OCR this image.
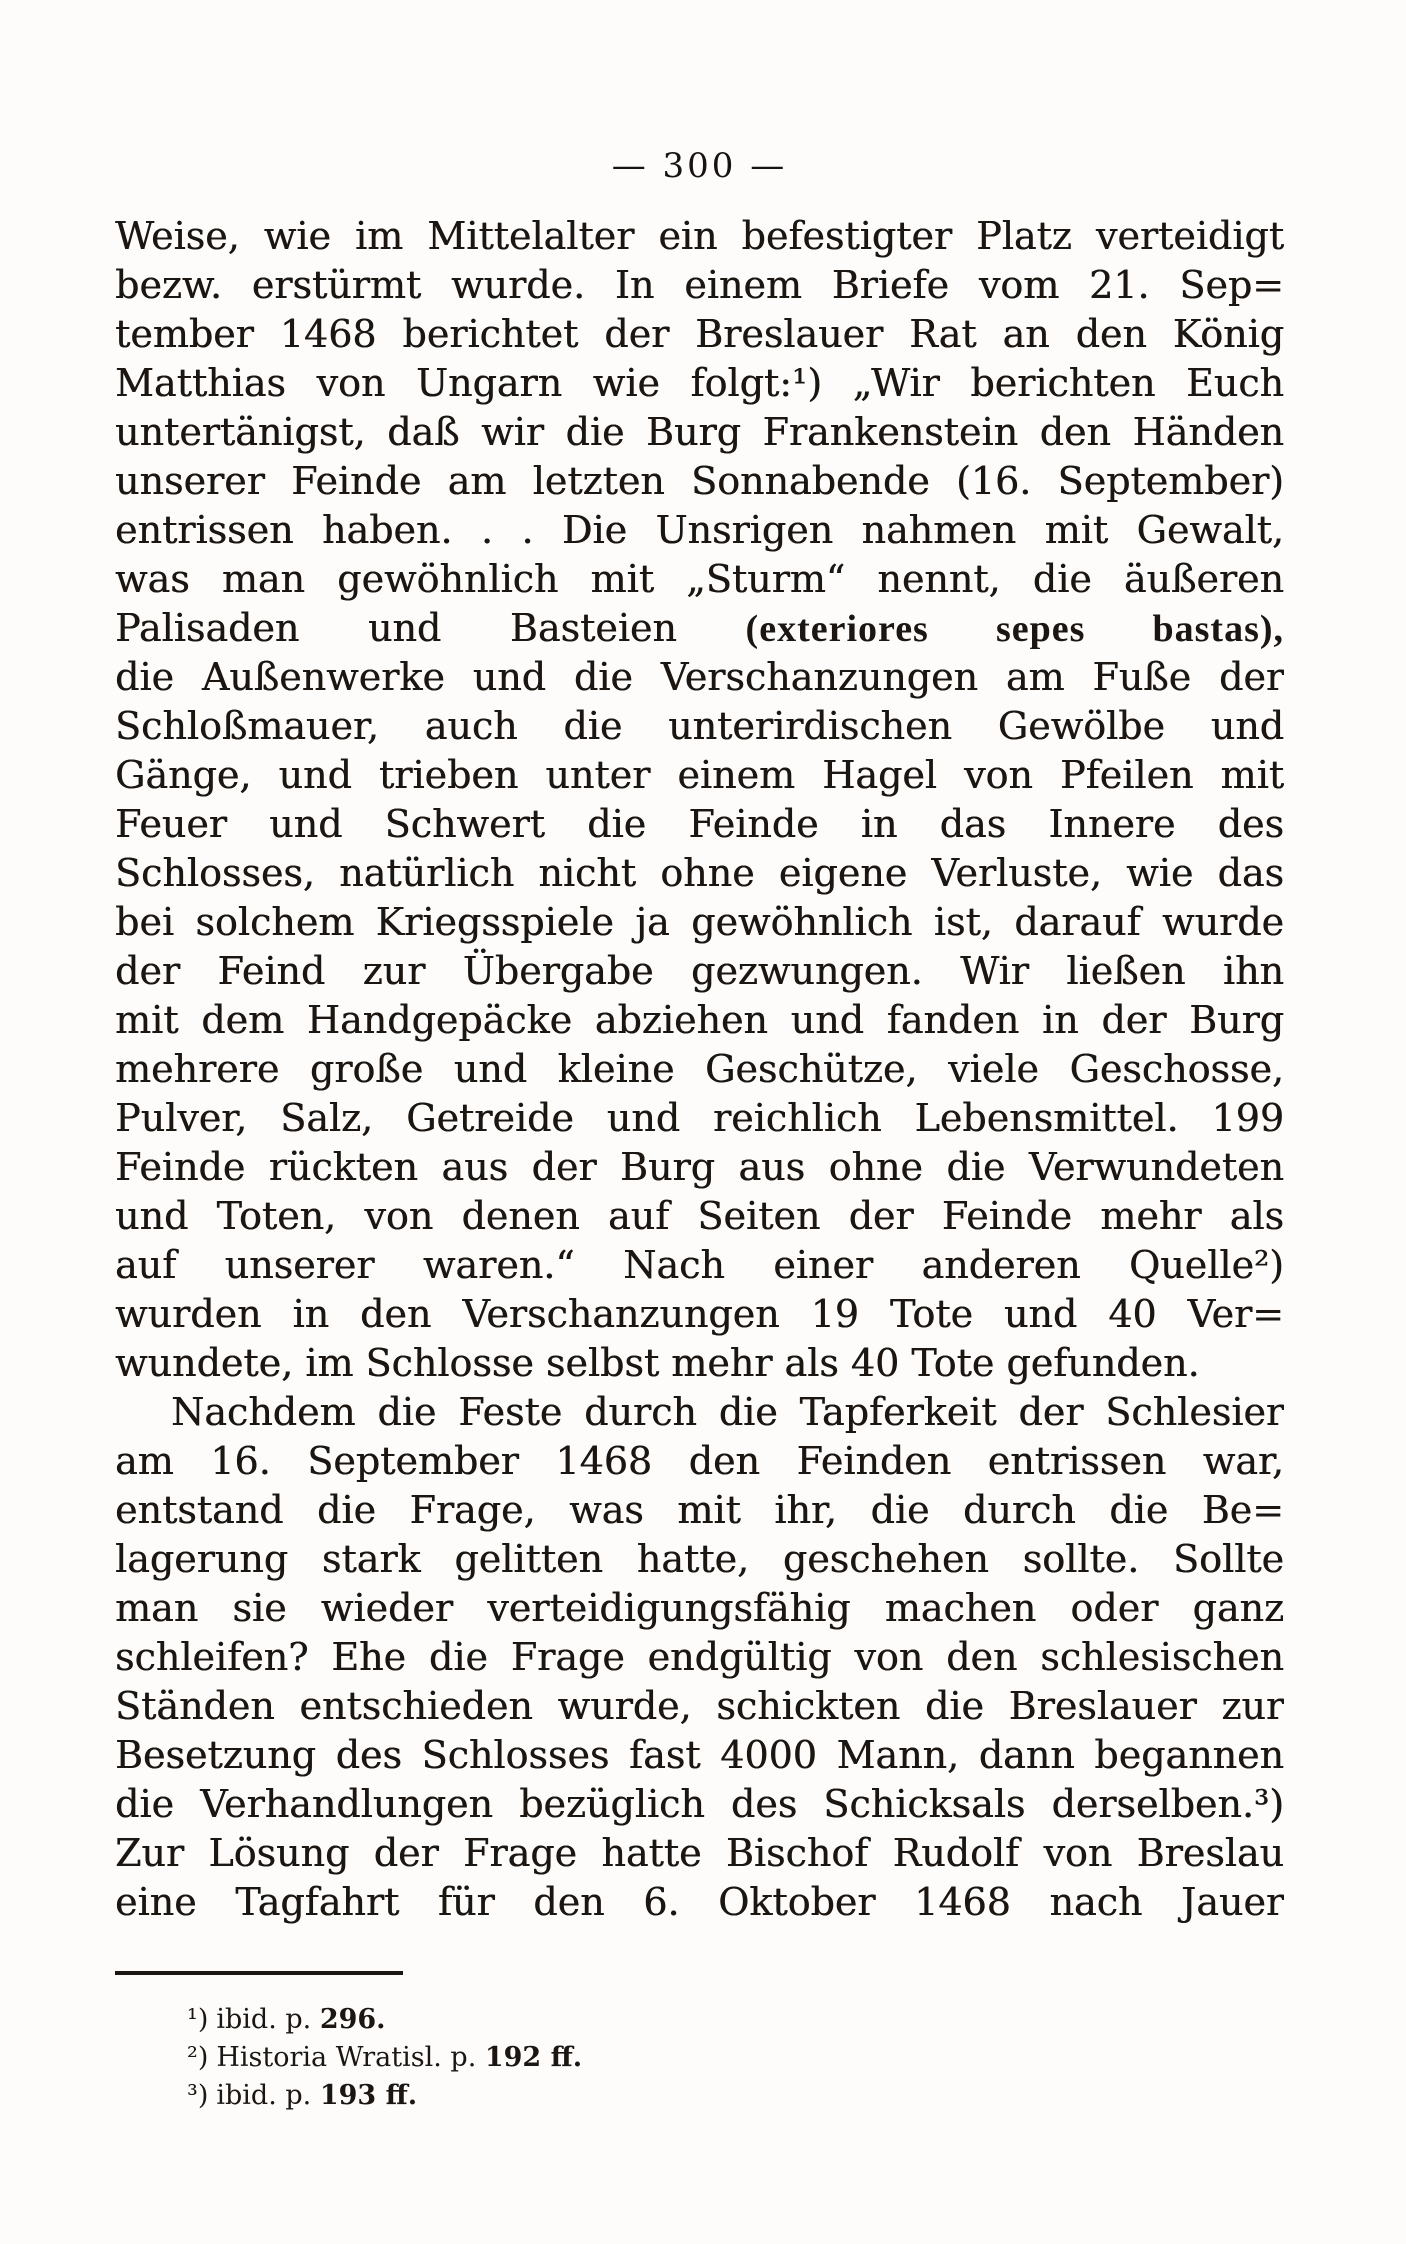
— 300 —
Weise, wie im Mittelalter ein befestigter Platz verteidigt
bezw. erstürmt wurde. In einem Briefe vom 21. Sep=
tember 1468 berichtet der Breslauer Rat an den König
Matthias von Ungarn wie folgt:¹) „Wir berichten Euch
untertänigst, daß wir die Burg Frankenstein den Händen
unserer Feinde am letzten Sonnabende (16. September)
entrissen haben. . . Die Unsrigen nahmen mit Gewalt,
was man gewöhnlich mit „Sturm“ nennt, die äußeren
Palisaden und Basteien (exteriores sepes bastas),
die Außenwerke und die Verschanzungen am Fuße der
Schloßmauer, auch die unterirdischen Gewölbe und
Gänge, und trieben unter einem Hagel von Pfeilen mit
Feuer und Schwert die Feinde in das Innere des
Schlosses, natürlich nicht ohne eigene Verluste, wie das
bei solchem Kriegsspiele ja gewöhnlich ist, darauf wurde
der Feind zur Übergabe gezwungen. Wir ließen ihn
mit dem Handgepäcke abziehen und fanden in der Burg
mehrere große und kleine Geschütze, viele Geschosse,
Pulver, Salz, Getreide und reichlich Lebensmittel. 199
Feinde rückten aus der Burg aus ohne die Verwundeten
und Toten, von denen auf Seiten der Feinde mehr als
auf unserer waren.“ Nach einer anderen Quelle²)
wurden in den Verschanzungen 19 Tote und 40 Ver=
wundete, im Schlosse selbst mehr als 40 Tote gefunden.
Nachdem die Feste durch die Tapferkeit der Schlesier
am 16. September 1468 den Feinden entrissen war,
entstand die Frage, was mit ihr, die durch die Be=
lagerung stark gelitten hatte, geschehen sollte. Sollte
man sie wieder verteidigungsfähig machen oder ganz
schleifen? Ehe die Frage endgültig von den schlesischen
Ständen entschieden wurde, schickten die Breslauer zur
Besetzung des Schlosses fast 4000 Mann, dann begannen
die Verhandlungen bezüglich des Schicksals derselben.³)
Zur Lösung der Frage hatte Bischof Rudolf von Breslau
eine Tagfahrt für den 6. Oktober 1468 nach Jauer
¹) ibid. p. 296.
²) Historia Wratisl. p. 192 ff.
³) ibid. p. 193 ff.
